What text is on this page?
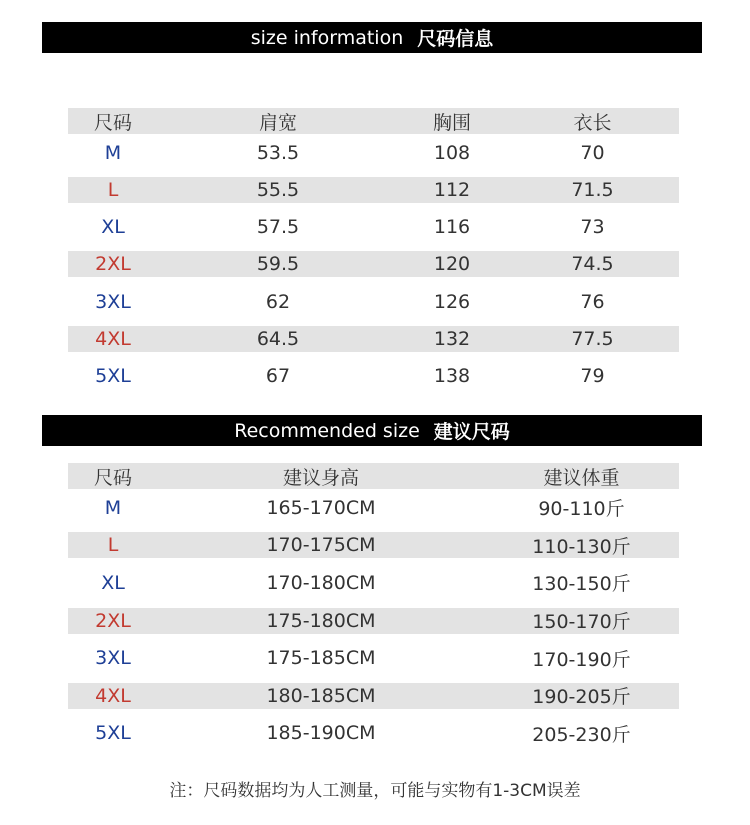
size information 尺码信息
尺码	肩宽	胸围	衣长
M	53.5	108	70
L	55.5	112	71.5
XL	57.5	116	73
2XL	59.5	120	74.5
3XL	62	126	76
4XL	64.5	132	77.5
5XL	67	138	79
Recommended size 建议尺码
尺码	建议身高	建议体重
M	165-170CM	90-110斤
L	170-175CM	110-130斤
XL	170-180CM	130-150斤
2XL	175-180CM	150-170斤
3XL	175-185CM	170-190斤
4XL	180-185CM	190-205斤
5XL	185-190CM	205-230斤
注：尺码数据均为人工测量，可能与实物有1-3CM误差
